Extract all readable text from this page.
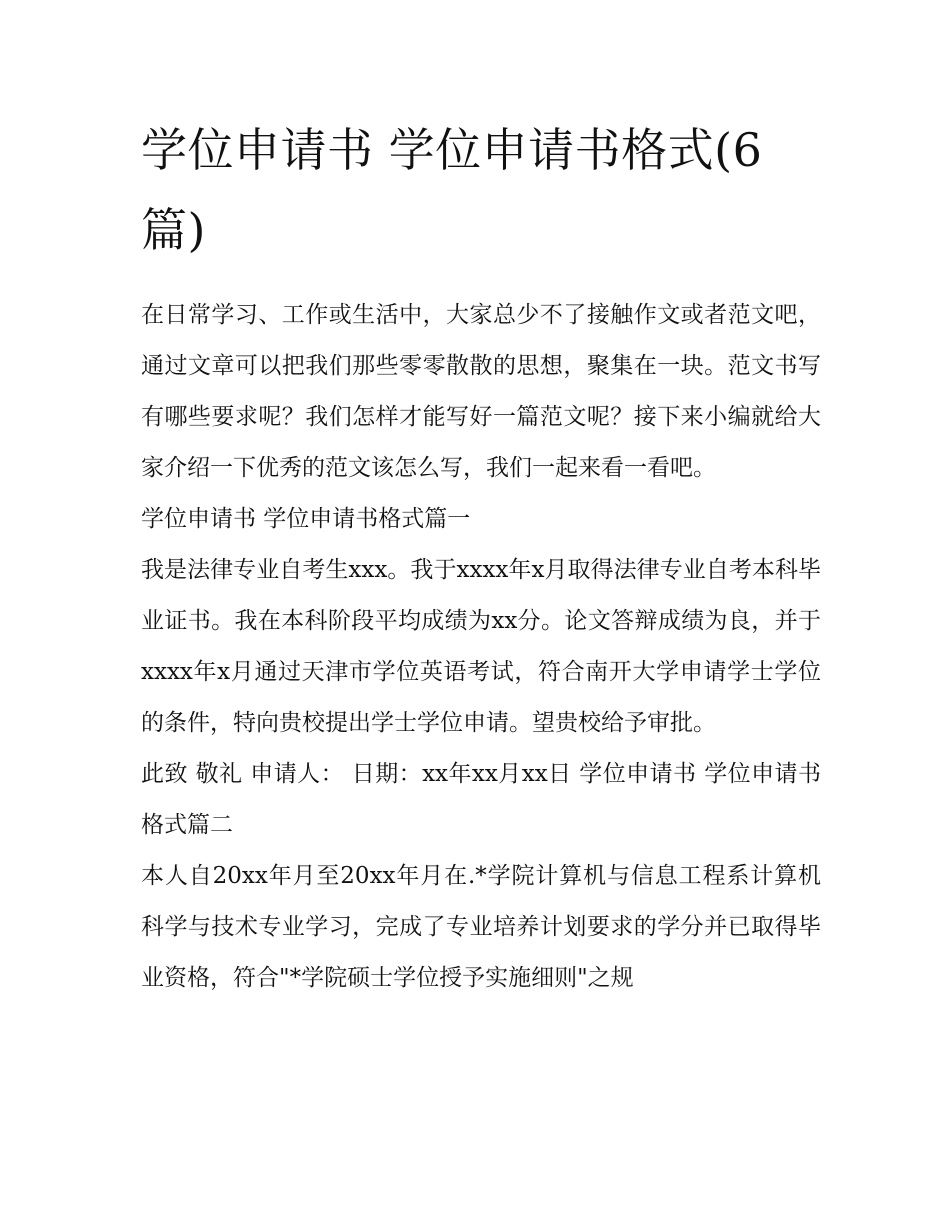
学位申请书 学位申请书格式(6篇)

在日常学习、工作或生活中，大家总少不了接触作文或者范文吧，通过文章可以把我们那些零零散散的思想，聚集在一块。范文书写有哪些要求呢？我们怎样才能写好一篇范文呢？接下来小编就给大家介绍一下优秀的范文该怎么写，我们一起来看一看吧。

学位申请书 学位申请书格式篇一

我是法律专业自考生xxx。我于xxxx年x月取得法律专业自考本科毕业证书。我在本科阶段平均成绩为xx分。论文答辩成绩为良，并于xxxx年x月通过天津市学位英语考试，符合南开大学申请学士学位的条件，特向贵校提出学士学位申请。望贵校给予审批。

此致 敬礼 申请人： 日期：xx年xx月xx日 学位申请书 学位申请书格式篇二

本人自20xx年月至20xx年月在.*学院计算机与信息工程系计算机科学与技术专业学习，完成了专业培养计划要求的学分并已取得毕业资格，符合"*学院硕士学位授予实施细则"之规
